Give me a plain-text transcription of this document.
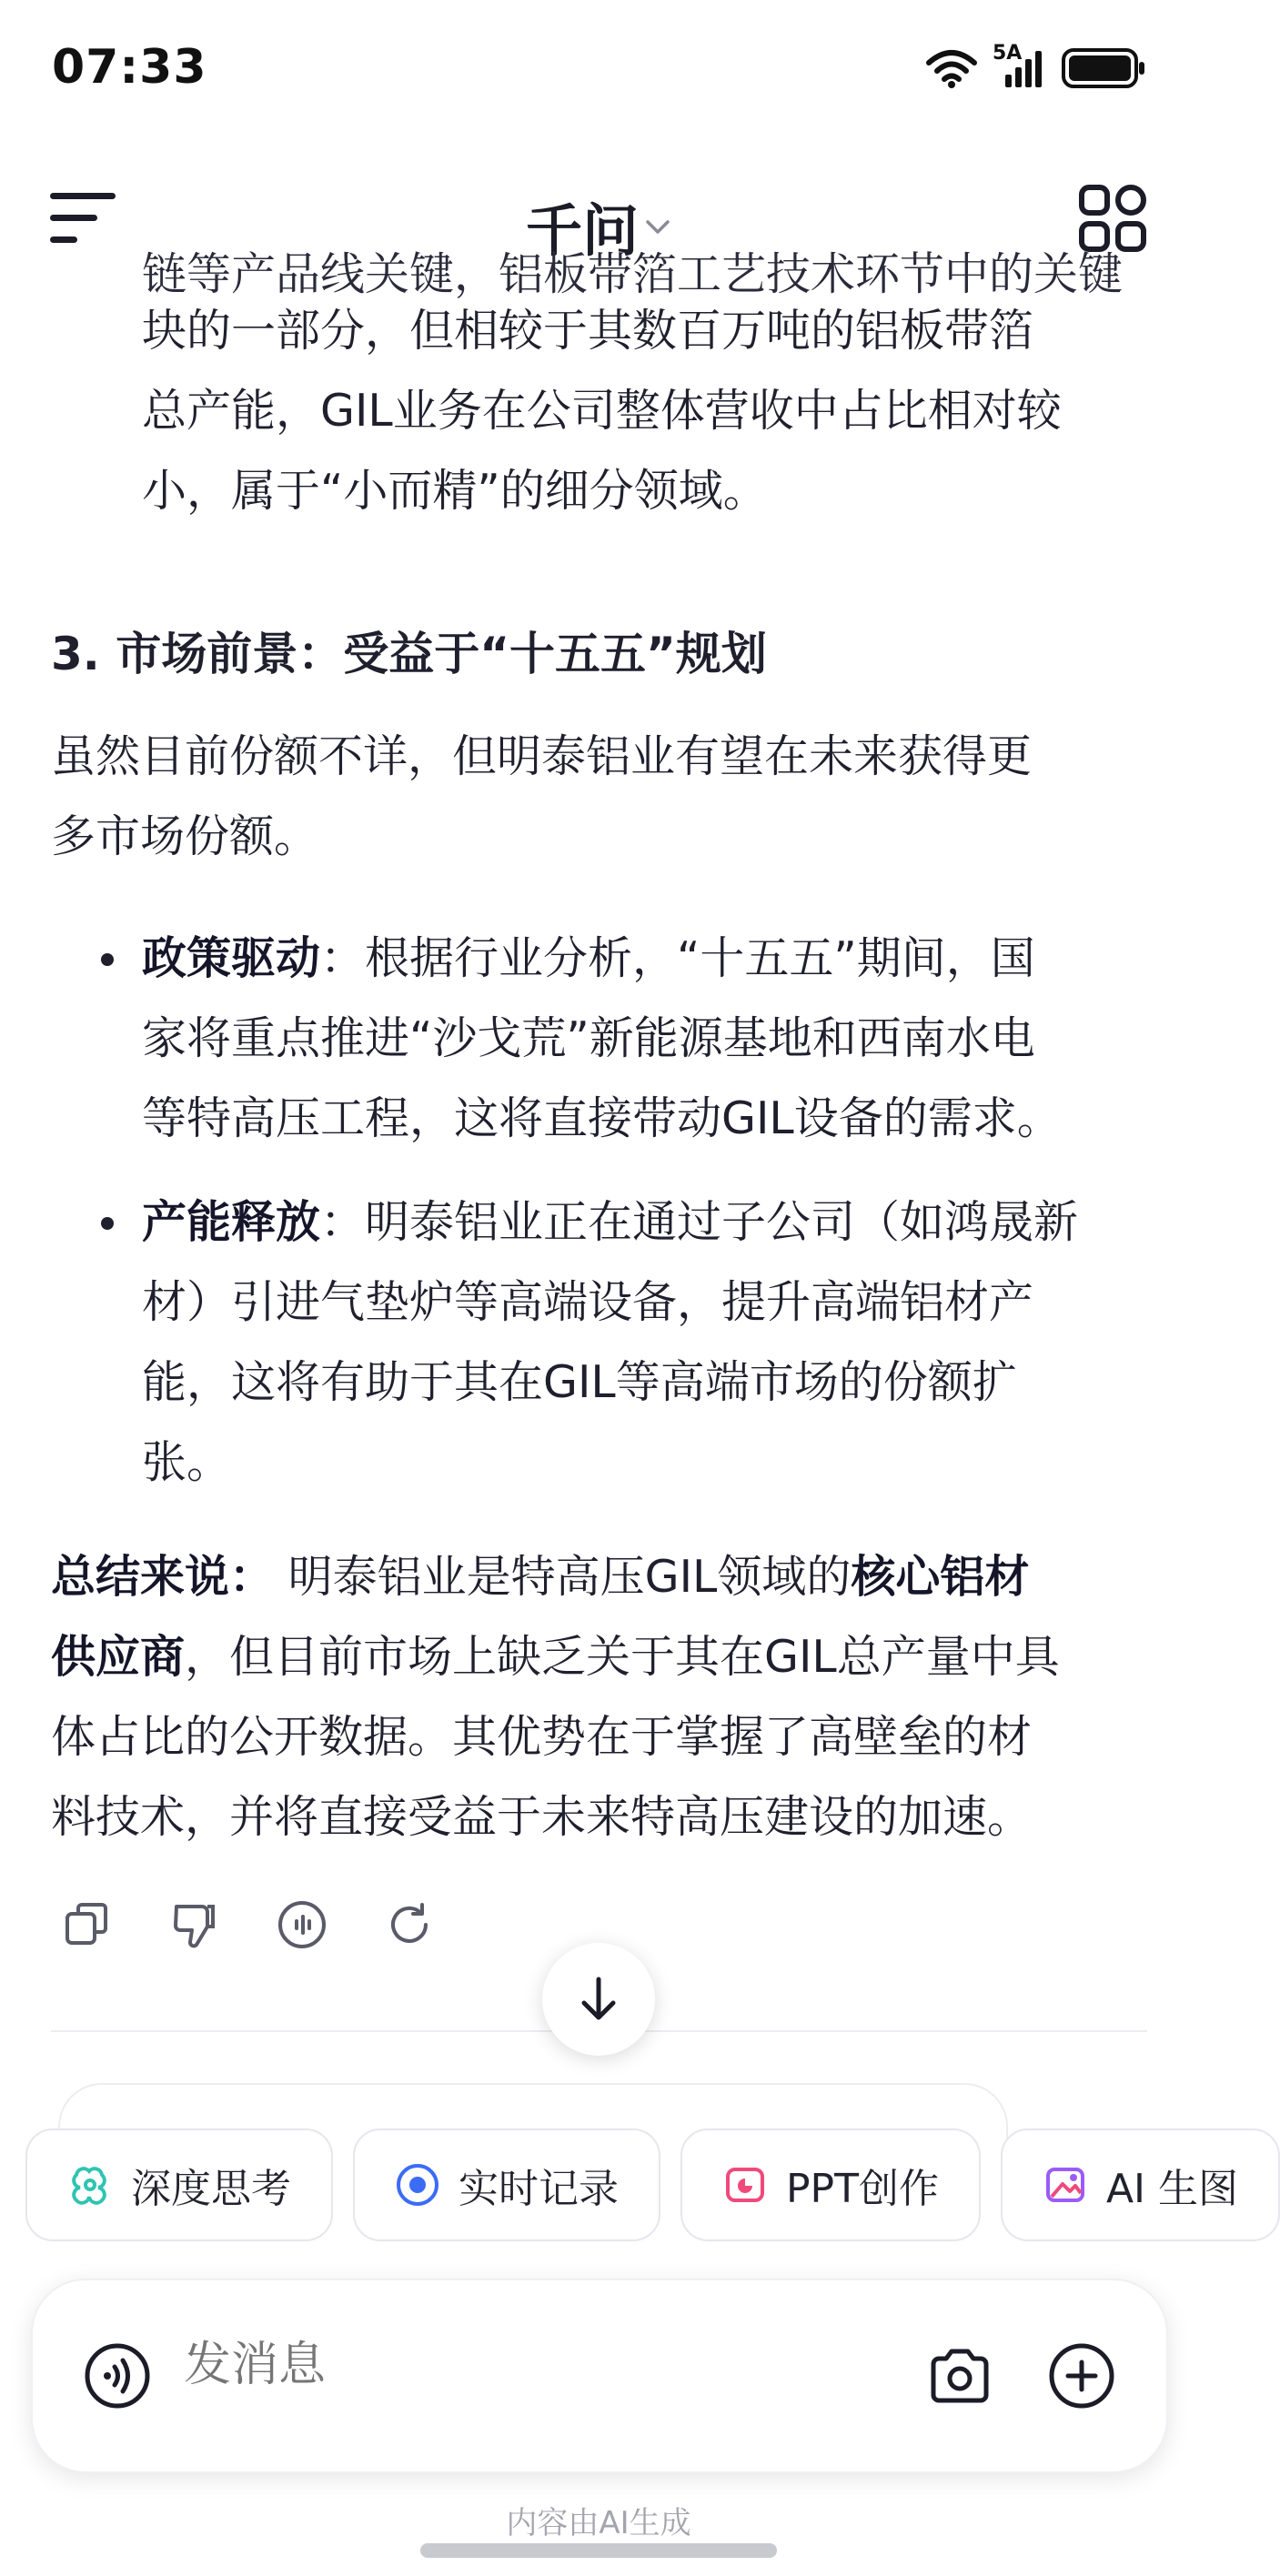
07:33	5A
千问
链等产品线关键，铝板带箔工艺技术环节中的关键

块的一部分，但相较于其数百万吨的铝板带箔

总产能，GIL业务在公司整体营收中占比相对较

小，属于“小而精”的细分领域。

3. 市场前景：受益于“十五五”规划

虽然目前份额不详，但明泰铝业有望在未来获得更

多市场份额。

政策驱动：根据行业分析，“十五五”期间，国

家将重点推进“沙戈荒”新能源基地和西南水电

等特高压工程，这将直接带动GIL设备的需求。

产能释放：明泰铝业正在通过子公司（如鸿晟新

材）引进气垫炉等高端设备，提升高端铝材产

能，这将有助于其在GIL等高端市场的份额扩

张。

总结来说： 明泰铝业是特高压GIL领域的核心铝材

供应商，但目前市场上缺乏关于其在GIL总产量中具

体占比的公开数据。其优势在于掌握了高壁垒的材

料技术，并将直接受益于未来特高压建设的加速。

深度思考	实时记录	PPT创作	AI 生图
发消息
内容由AI生成
